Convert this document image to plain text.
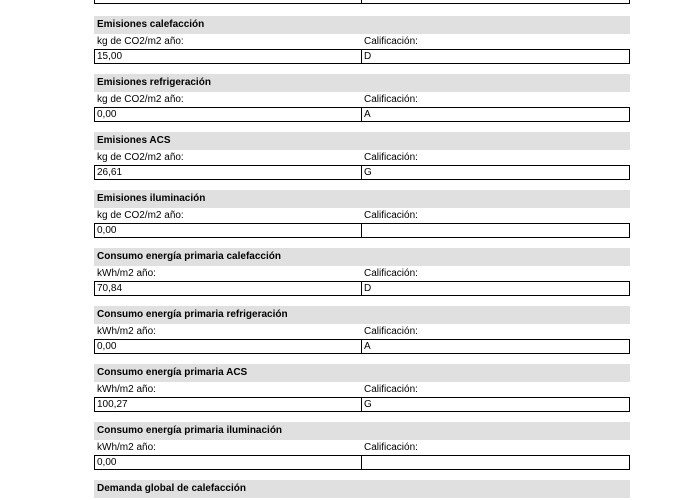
Emisiones calefacción
kg de CO2/m2 año:	Calificación:
15,00	D
Emisiones refrigeración
kg de CO2/m2 año:	Calificación:
0,00	A
Emisiones ACS
kg de CO2/m2 año:	Calificación:
26,61	G
Emisiones iluminación
kg de CO2/m2 año:	Calificación:
0,00
Consumo energía primaria calefacción
kWh/m2 año:	Calificación:
70,84	D
Consumo energía primaria refrigeración
kWh/m2 año:	Calificación:
0,00	A
Consumo energía primaria ACS
kWh/m2 año:	Calificación:
100,27	G
Consumo energía primaria iluminación
kWh/m2 año:	Calificación:
0,00
Demanda global de calefacción
